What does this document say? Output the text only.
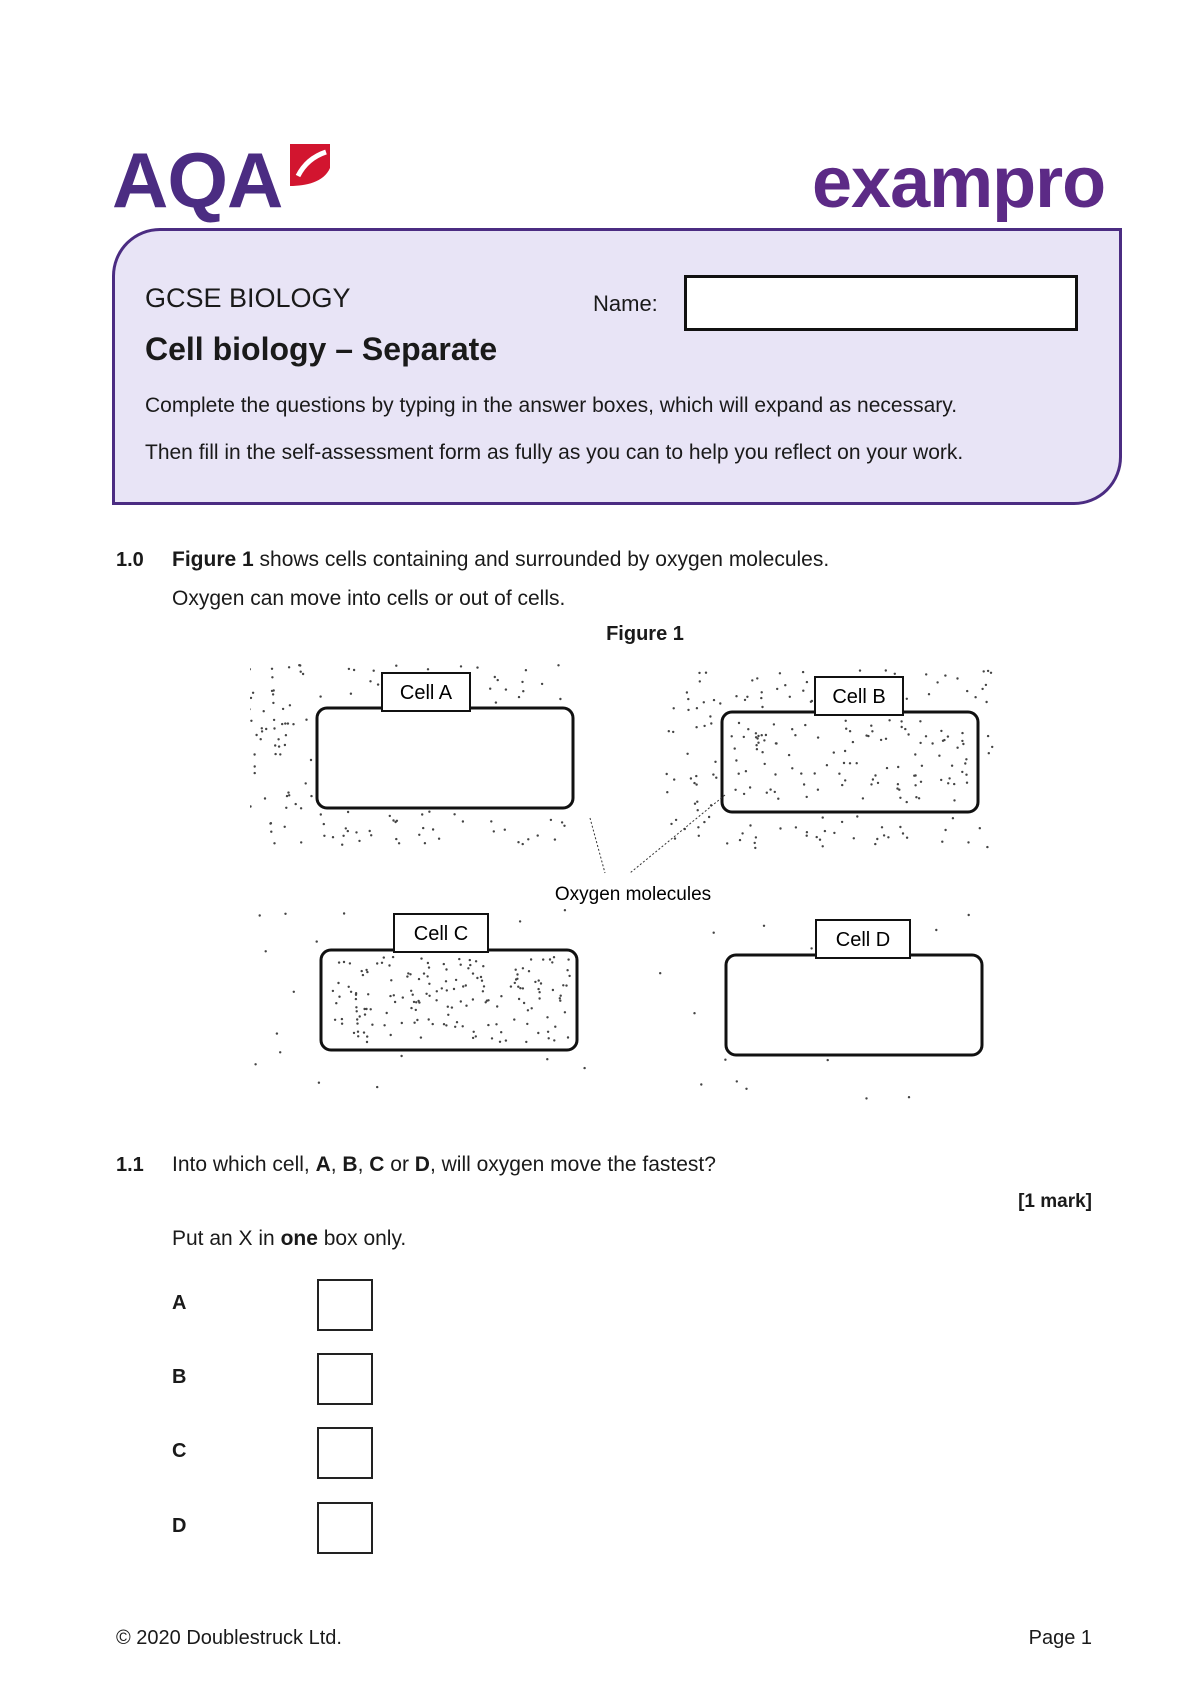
AQA	exampro
GCSE BIOLOGY
Cell biology – Separate
Name:
Complete the questions by typing in the answer boxes, which will expand as necessary.
Then fill in the self-assessment form as fully as you can to help you reflect on your work.
1.0 Figure 1 shows cells containing and surrounded by oxygen molecules.
Oxygen can move into cells or out of cells.
Figure 1
Cell A	Cell B
Cell C	Cell D
Oxygen molecules
1.1 Into which cell, A, B, C or D, will oxygen move the fastest?
[1 mark]
Put an X in one box only.
A
B
C
D
© 2020 Doublestruck Ltd.	Page 1
